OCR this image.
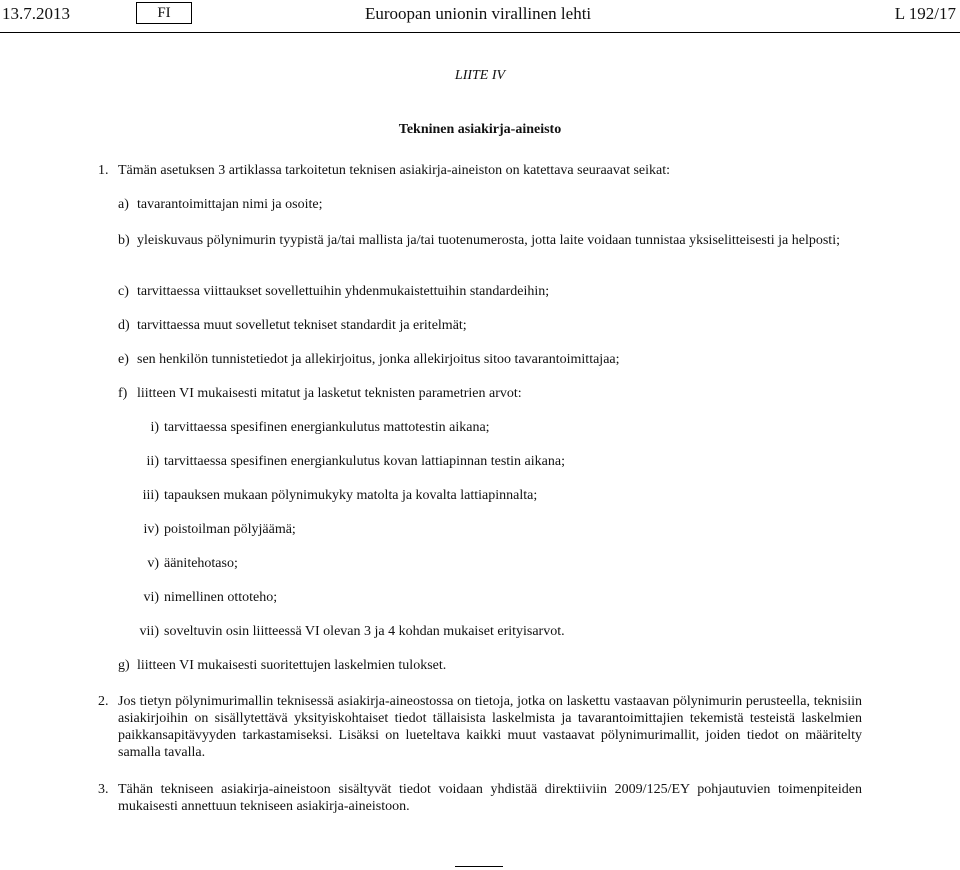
13.7.2013	FI	Euroopan unionin virallinen lehti	L 192/17
LIITE IV
Tekninen asiakirja-aineisto
1. Tämän asetuksen 3 artiklassa tarkoitetun teknisen asiakirja-aineiston on katettava seuraavat seikat:
a) tavarantoimittajan nimi ja osoite;
b) yleiskuvaus pölynimurin tyypistä ja/tai mallista ja/tai tuotenumerosta, jotta laite voidaan tunnistaa yksiselitteisesti ja helposti;
c) tarvittaessa viittaukset sovellettuihin yhdenmukaistettuihin standardeihin;
d) tarvittaessa muut sovelletut tekniset standardit ja eritelmät;
e) sen henkilön tunnistetiedot ja allekirjoitus, jonka allekirjoitus sitoo tavarantoimittajaa;
f) liitteen VI mukaisesti mitatut ja lasketut teknisten parametrien arvot:
i) tarvittaessa spesifinen energiankulutus mattotestin aikana;
ii) tarvittaessa spesifinen energiankulutus kovan lattiapinnan testin aikana;
iii) tapauksen mukaan pölynimukyky matolta ja kovalta lattiapinnalta;
iv) poistoilman pölyjäämä;
v) äänitehotaso;
vi) nimellinen ottoteho;
vii) soveltuvin osin liitteessä VI olevan 3 ja 4 kohdan mukaiset erityisarvot.
g) liitteen VI mukaisesti suoritettujen laskelmien tulokset.
2. Jos tietyn pölynimurimallin teknisessä asiakirja-aineostossa on tietoja, jotka on laskettu vastaavan pölynimurin perusteella, teknisiin asiakirjoihin on sisällytettävä yksityiskohtaiset tiedot tällaisista laskelmista ja tavarantoimittajien tekemistä testeistä laskelmien paikkansapitävyyden tarkastamiseksi. Lisäksi on lueteltava kaikki muut vastaavat pölynimurimallit, joiden tiedot on määritelty samalla tavalla.
3. Tähän tekniseen asiakirja-aineistoon sisältyvät tiedot voidaan yhdistää direktiiviin 2009/125/EY pohjautuvien toimenpiteiden mukaisesti annettuun tekniseen asiakirja-aineistoon.
